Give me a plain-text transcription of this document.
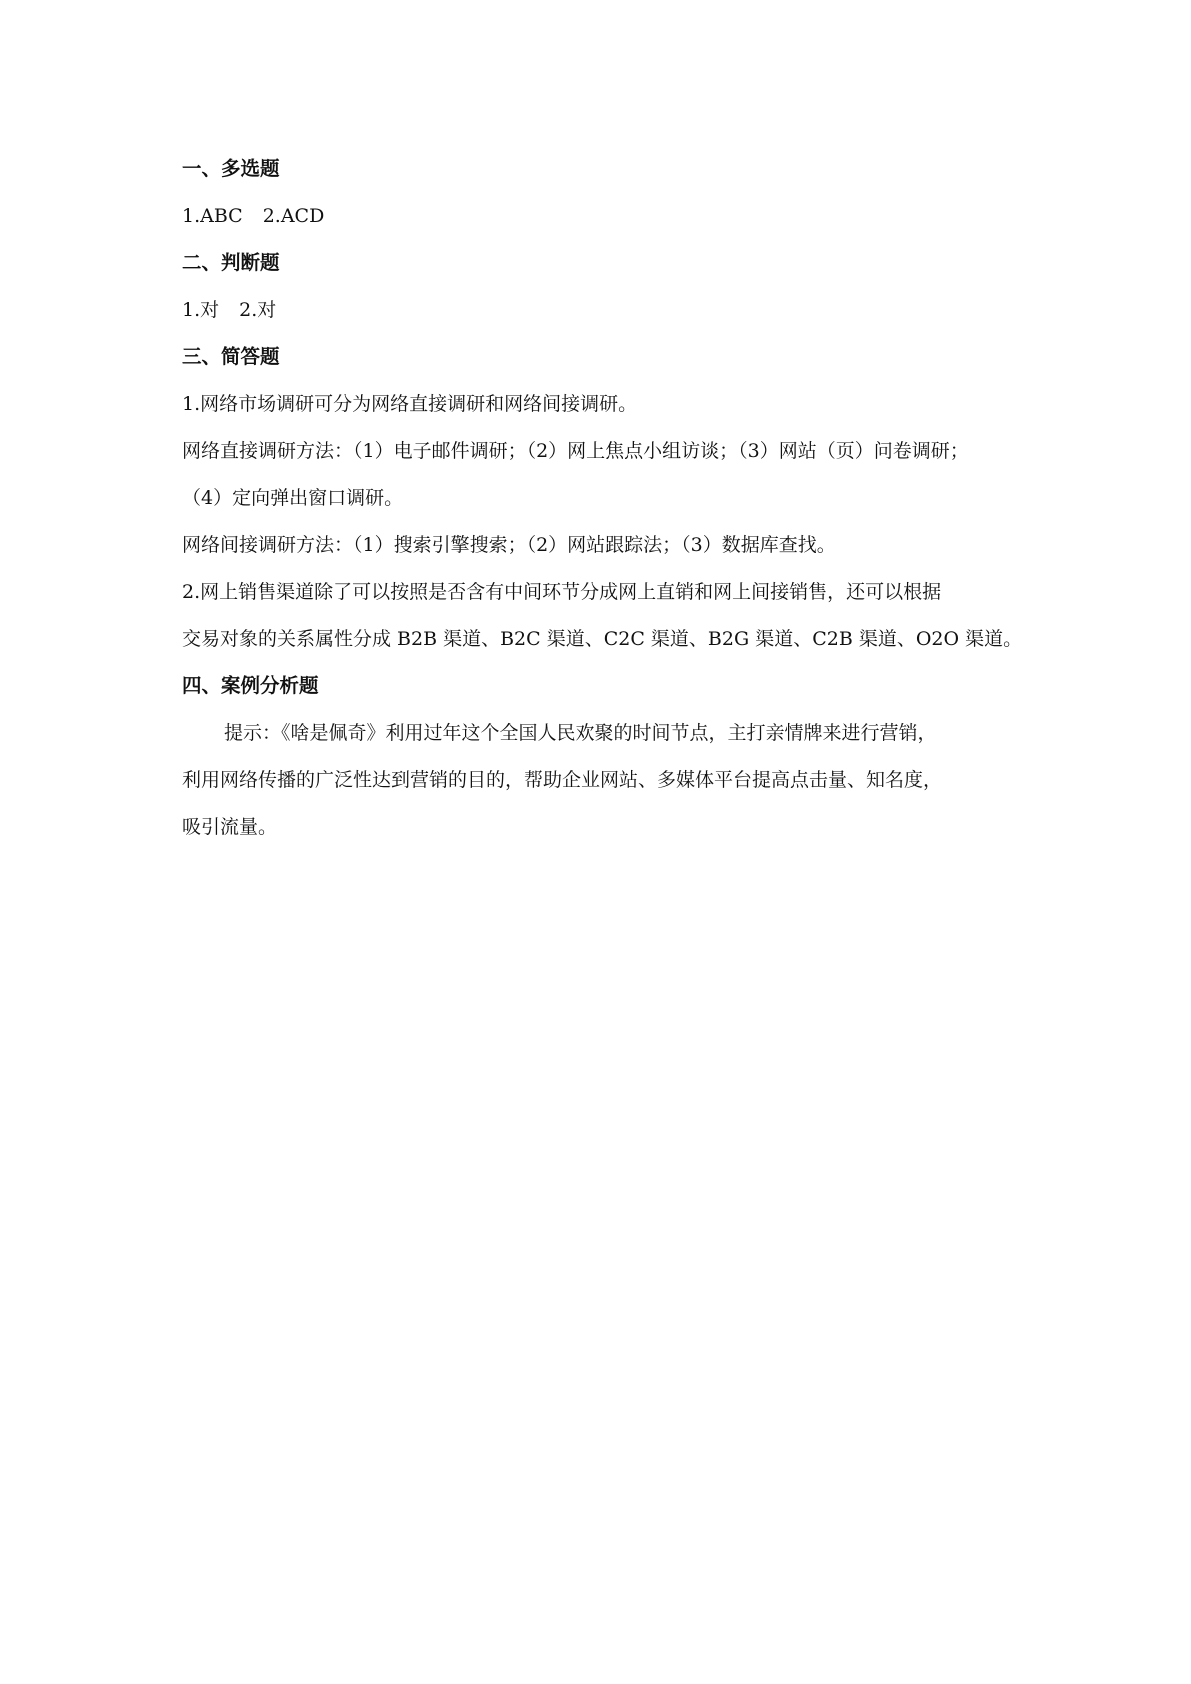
一、多选题
1.ABC 2.ACD
二、判断题
1.对 2.对
三、简答题
1.网络市场调研可分为网络直接调研和网络间接调研。
网络直接调研方法：（1）电子邮件调研；（2）网上焦点小组访谈；（3）网站（页）问卷调研；
（4）定向弹出窗口调研。
网络间接调研方法：（1）搜索引擎搜索；（2）网站跟踪法；（3）数据库查找。
2.网上销售渠道除了可以按照是否含有中间环节分成网上直销和网上间接销售，还可以根据
交易对象的关系属性分成 B2B 渠道、B2C 渠道、C2C 渠道、B2G 渠道、C2B 渠道、O2O 渠道。
四、案例分析题
提示：《啥是佩奇》利用过年这个全国人民欢聚的时间节点，主打亲情牌来进行营销，
利用网络传播的广泛性达到营销的目的，帮助企业网站、多媒体平台提高点击量、知名度，
吸引流量。
